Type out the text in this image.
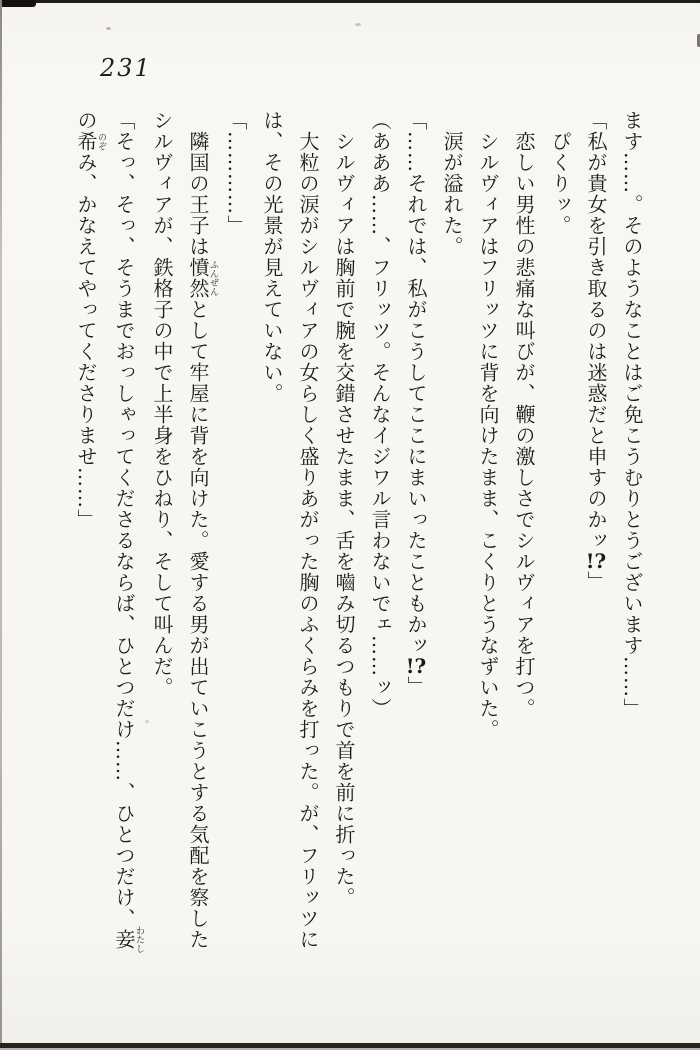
231
ます……。そのようなことはご免こうむりとうございます……」
「私が貴女を引き取るのは迷惑だと申すのかッ!?」
ぴくりッ。
恋しい男性の悲痛な叫びが、鞭の激しさでシルヴィアを打つ。
シルヴィアはフリッツに背を向けたまま、こくりとうなずいた。
涙が溢れた。
「……それでは、私がこうしてここにまいったこともかッ!?」
（あああ……、フリッツ。そんなイジワル言わないでェ……ッ）
シルヴィアは胸前で腕を交錯させたまま、舌を嚙み切るつもりで首を前に折った。
大粒の涙がシルヴィアの女らしく盛りあがった胸のふくらみを打った。が、フリッツに
は、その光景が見えていない。
「…………」
隣国の王子は憤然ふんぜんとして牢屋に背を向けた。愛する男が出ていこうとする気配を察した
シルヴィアが、鉄格子の中で上半身をひねり、そして叫んだ。
「そっ、そっ、そうまでおっしゃってくださるならば、ひとつだけ……、ひとつだけ、妾わたし
の希のぞみ、かなえてやってくださりませ……」
